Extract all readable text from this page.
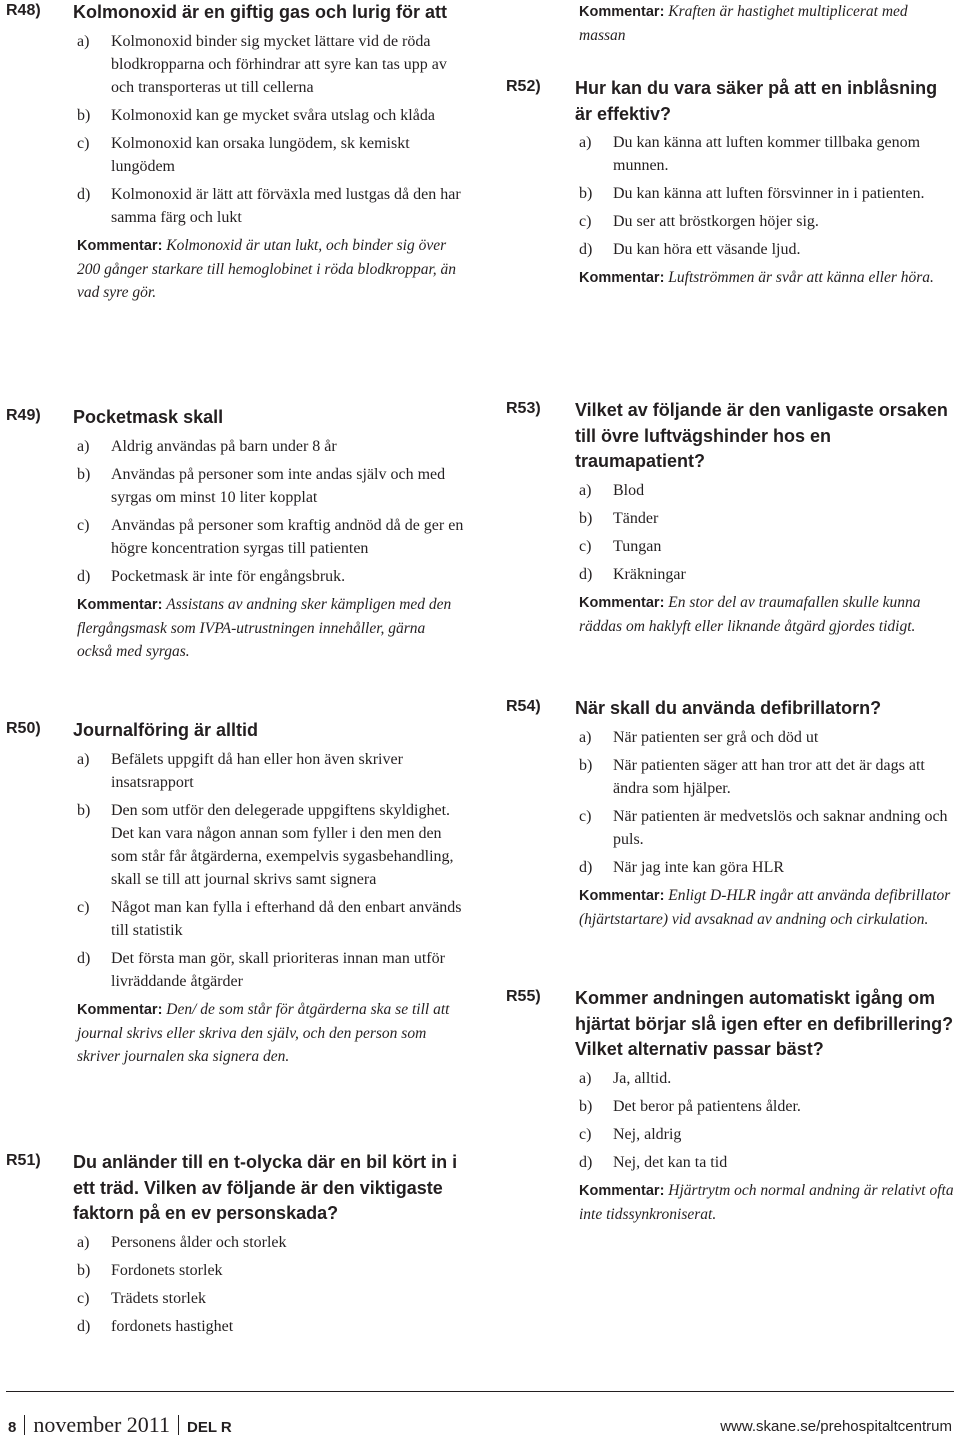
R48) Kolmonoxid är en giftig gas och lurig för att
a) Kolmonoxid binder sig mycket lättare vid de röda blodkropparna och förhindrar att syre kan tas upp av och transporteras ut till cellerna
b) Kolmonoxid kan ge mycket svåra utslag och klåda
c) Kolmonoxid kan orsaka lungödem, sk kemiskt lungödem
d) Kolmonoxid är lätt att förväxla med lustgas då den har samma färg och lukt
Kommentar: Kolmonoxid är utan lukt, och binder sig över 200 gånger starkare till hemoglobinet i röda blodkroppar, än vad syre gör.
R49) Pocketmask skall
a) Aldrig användas på barn under 8 år
b) Användas på personer som inte andas själv och med syrgas om minst 10 liter kopplat
c) Användas på personer som kraftig andnöd då de ger en högre koncentration syrgas till patienten
d) Pocketmask är inte för engångsbruk.
Kommentar: Assistans av andning sker kämpligen med den flergångsmask som IVPA-utrustningen innehåller, gärna också med syrgas.
R50) Journalföring är alltid
a) Befälets uppgift då han eller hon även skriver insatsrapport
b) Den som utför den delegerade uppgiftens skyldighet. Det kan vara någon annan som fyller i den men den som står får åtgärderna, exempelvis sygasbehandling, skall se till att journal skrivs samt signera
c) Något man kan fylla i efterhand då den enbart används till statistik
d) Det första man gör, skall prioriteras innan man utför livräddande åtgärder
Kommentar: Den/ de som står för åtgärderna ska se till att journal skrivs eller skriva den själv, och den person som skriver journalen ska signera den.
R51) Du anländer till en t-olycka där en bil kört in i ett träd. Vilken av följande är den viktigaste faktorn på en ev personskada?
a) Personens ålder och storlek
b) Fordonets storlek
c) Trädets storlek
d) fordonets hastighet
Kommentar: Kraften är hastighet multiplicerat med massan
R52) Hur kan du vara säker på att en inblåsning är effektiv?
a) Du kan känna att luften kommer tillbaka genom munnen.
b) Du kan känna att luften försvinner in i patienten.
c) Du ser att bröstkorgen höjer sig.
d) Du kan höra ett väsande ljud.
Kommentar: Luftströmmen är svår att känna eller höra.
R53) Vilket av följande är den vanligaste orsaken till övre luftvägshinder hos en traumapatient?
a) Blod
b) Tänder
c) Tungan
d) Kräkningar
Kommentar: En stor del av traumafallen skulle kunna räddas om haklyft eller liknande åtgärd gjordes tidigt.
R54) När skall du använda defibrillatorn?
a) När patienten ser grå och död ut
b) När patienten säger att han tror att det är dags att ändra som hjälper.
c) När patienten är medvetslös och saknar andning och puls.
d) När jag inte kan göra HLR
Kommentar: Enligt D-HLR ingår att använda defibrillator (hjärtstartare) vid avsaknad av andning och cirkulation.
R55) Kommer andningen automatiskt igång om hjärtat börjar slå igen efter en defibrillering? Vilket alternativ passar bäst?
a) Ja, alltid.
b) Det beror på patientens ålder.
c) Nej, aldrig
d) Nej, det kan ta tid
Kommentar: Hjärtrytm och normal andning är relativt ofta inte tidssynkroniserat.
8 november 2011 DEL R	www.skane.se/prehospitaltcentrum
